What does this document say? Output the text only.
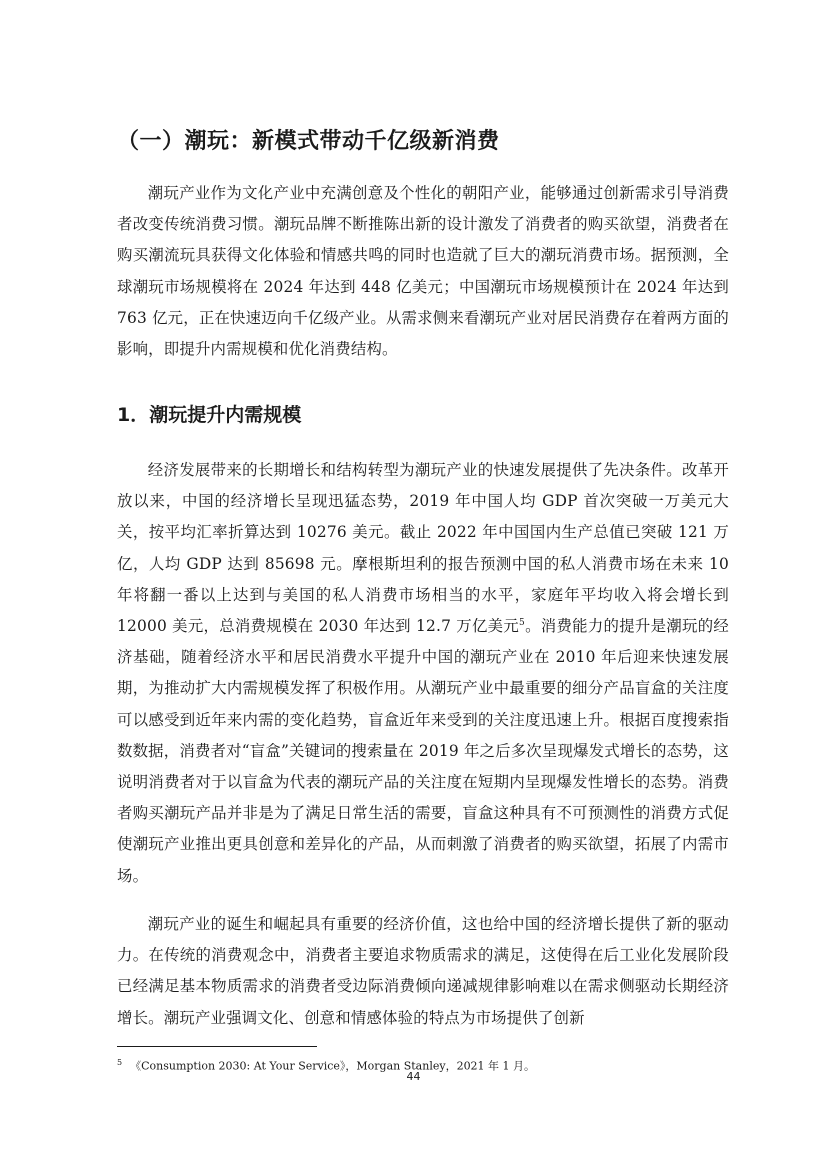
（一）潮玩：新模式带动千亿级新消费

潮玩产业作为文化产业中充满创意及个性化的朝阳产业，能够通过创新需求引导消费者改变传统消费习惯。潮玩品牌不断推陈出新的设计激发了消费者的购买欲望，消费者在购买潮流玩具获得文化体验和情感共鸣的同时也造就了巨大的潮玩消费市场。据预测，全球潮玩市场规模将在 2024 年达到 448 亿美元；中国潮玩市场规模预计在 2024 年达到 763 亿元，正在快速迈向千亿级产业。从需求侧来看潮玩产业对居民消费存在着两方面的影响，即提升内需规模和优化消费结构。

1．潮玩提升内需规模

经济发展带来的长期增长和结构转型为潮玩产业的快速发展提供了先决条件。改革开放以来，中国的经济增长呈现迅猛态势，2019 年中国人均 GDP 首次突破一万美元大关，按平均汇率折算达到 10276 美元。截止 2022 年中国国内生产总值已突破 121 万亿，人均 GDP 达到 85698 元。摩根斯坦利的报告预测中国的私人消费市场在未来 10 年将翻一番以上达到与美国的私人消费市场相当的水平，家庭年平均收入将会增长到 12000 美元，总消费规模在 2030 年达到 12.7 万亿美元$^5$。消费能力的提升是潮玩的经济基础，随着经济水平和居民消费水平提升中国的潮玩产业在 2010 年后迎来快速发展期，为推动扩大内需规模发挥了积极作用。从潮玩产业中最重要的细分产品盲盒的关注度可以感受到近年来内需的变化趋势，盲盒近年来受到的关注度迅速上升。根据百度搜索指数数据，消费者对“盲盒”关键词的搜索量在 2019 年之后多次呈现爆发式增长的态势，这说明消费者对于以盲盒为代表的潮玩产品的关注度在短期内呈现爆发性增长的态势。消费者购买潮玩产品并非是为了满足日常生活的需要，盲盒这种具有不可预测性的消费方式促使潮玩产业推出更具创意和差异化的产品，从而刺激了消费者的购买欲望，拓展了内需市场。

潮玩产业的诞生和崛起具有重要的经济价值，这也给中国的经济增长提供了新的驱动力。在传统的消费观念中，消费者主要追求物质需求的满足，这使得在后工业化发展阶段已经满足基本物质需求的消费者受边际消费倾向递减规律影响难以在需求侧驱动长期经济增长。潮玩产业强调文化、创意和情感体验的特点为市场提供了创新

$^5$ 《Consumption 2030: At Your Service》，Morgan Stanley，2021 年 1 月。
44
